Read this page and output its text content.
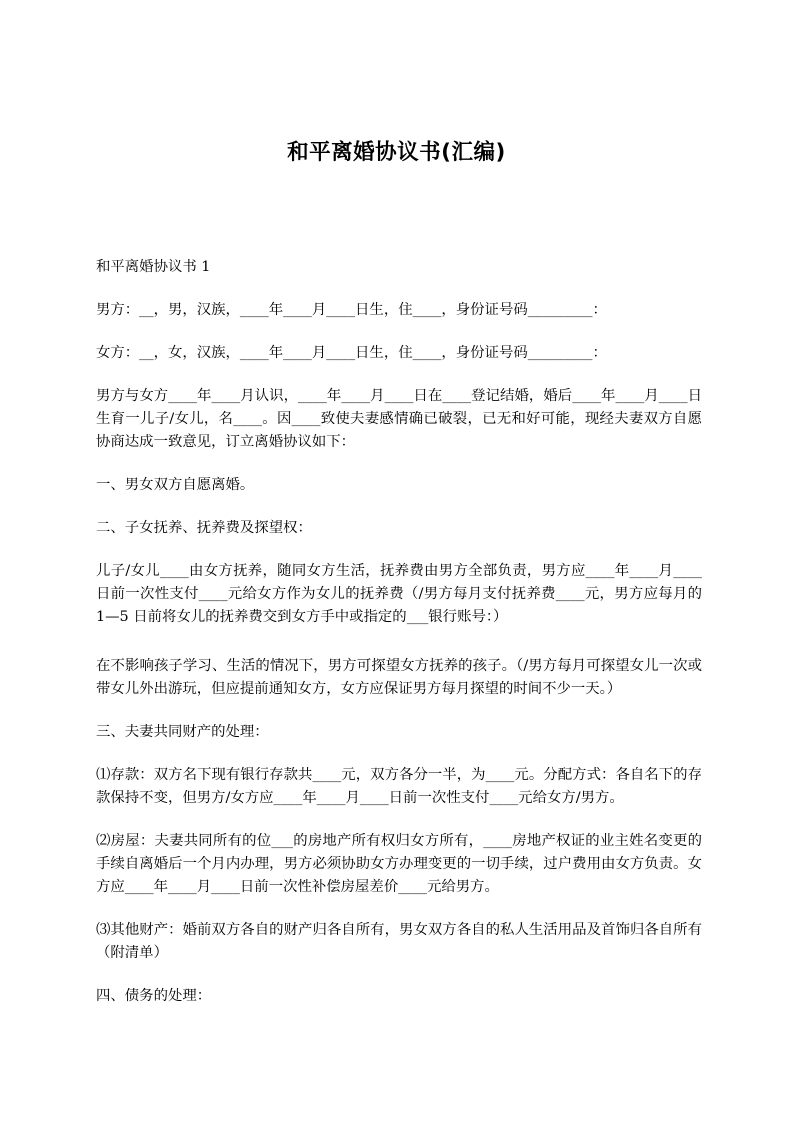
和平离婚协议书(汇编)

和平离婚协议书 1

男方：__，男，汉族，____年____月____日生，住____，身份证号码_________：

女方：__，女，汉族，____年____月____日生，住____，身份证号码_________：

男方与女方____年____月认识，____年____月____日在____登记结婚，婚后____年____月____日生育一儿子/女儿，名____。因____致使夫妻感情确已破裂，已无和好可能，现经夫妻双方自愿协商达成一致意见，订立离婚协议如下：

一、男女双方自愿离婚。

二、子女抚养、抚养费及探望权：

儿子/女儿____由女方抚养，随同女方生活，抚养费由男方全部负责，男方应____年____月____日前一次性支付____元给女方作为女儿的抚养费（/男方每月支付抚养费____元，男方应每月的 1—5 日前将女儿的抚养费交到女方手中或指定的___银行账号：）

在不影响孩子学习、生活的情况下，男方可探望女方抚养的孩子。（/男方每月可探望女儿一次或带女儿外出游玩，但应提前通知女方，女方应保证男方每月探望的时间不少一天。）

三、夫妻共同财产的处理：

⑴存款：双方名下现有银行存款共____元，双方各分一半，为____元。分配方式：各自名下的存款保持不变，但男方/女方应____年____月____日前一次性支付____元给女方/男方。

⑵房屋：夫妻共同所有的位___的房地产所有权归女方所有，____房地产权证的业主姓名变更的手续自离婚后一个月内办理，男方必须协助女方办理变更的一切手续，过户费用由女方负责。女方应____年____月____日前一次性补偿房屋差价____元给男方。

⑶其他财产：婚前双方各自的财产归各自所有，男女双方各自的私人生活用品及首饰归各自所有（附清单）

四、债务的处理：
